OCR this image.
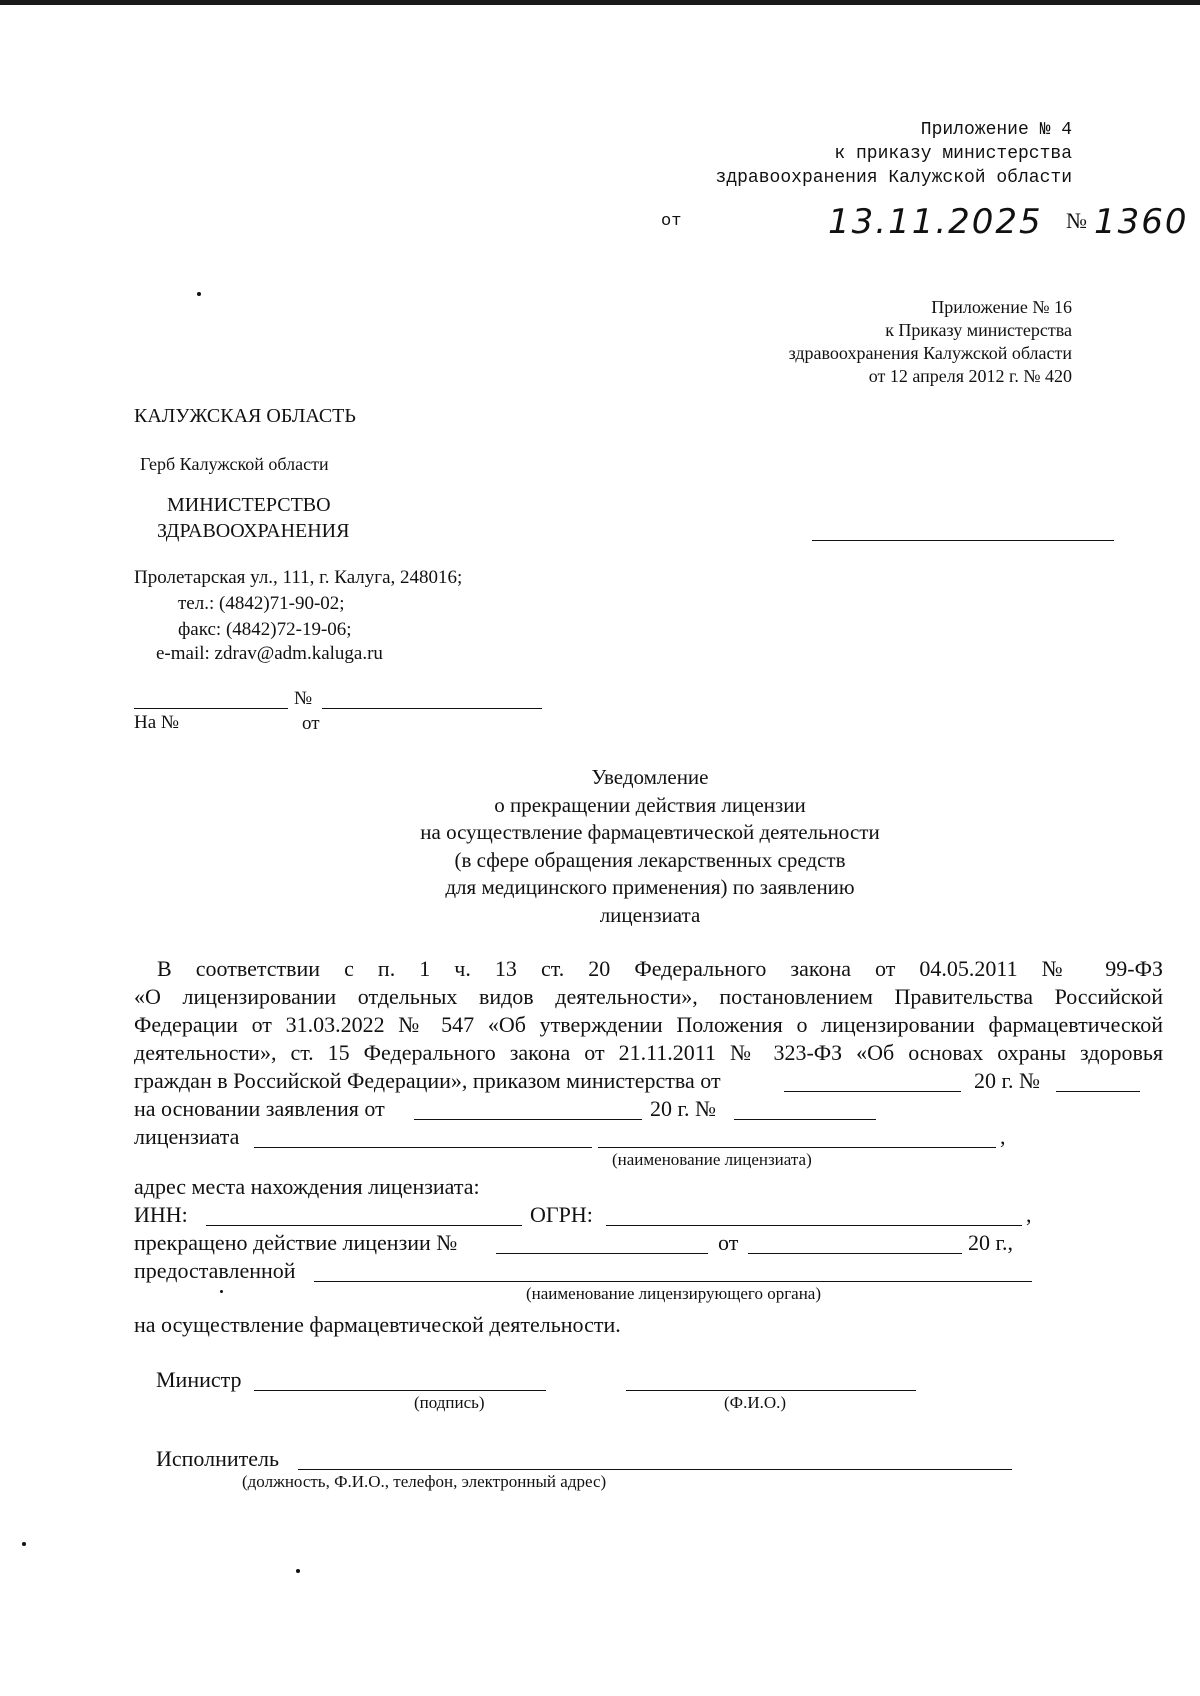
Приложение № 4
к приказу министерства
здравоохранения Калужской области
от	13.11.2025 № 1360
Приложение № 16
к Приказу министерства
здравоохранения Калужской области
от 12 апреля 2012 г. № 420
КАЛУЖСКАЯ ОБЛАСТЬ
Герб Калужской области
МИНИСТЕРСТВО
ЗДРАВООХРАНЕНИЯ
Пролетарская ул., 111, г. Калуга, 248016;
тел.: (4842)71-90-02;
факс: (4842)72-19-06;
e-mail: zdrav@adm.kaluga.ru
№
На №	от
Уведомление
о прекращении действия лицензии
на осуществление фармацевтической деятельности
(в сфере обращения лекарственных средств
для медицинского применения) по заявлению
лицензиата
В соответствии с п. 1 ч. 13 ст. 20 Федерального закона от 04.05.2011 № 99-ФЗ
«О лицензировании отдельных видов деятельности», постановлением Правительства Российской
Федерации от 31.03.2022 № 547 «Об утверждении Положения о лицензировании фармацевтической
деятельности», ст. 15 Федерального закона от 21.11.2011 № 323-ФЗ «Об основах охраны здоровья
граждан в Российской Федерации», приказом министерства от	20 г. №
на основании заявления от	20 г. №
лицензиата	,
(наименование лицензиата)
адрес места нахождения лицензиата:
ИНН:	ОГРН:	,
прекращено действие лицензии №	от	20 г.,
предоставленной
(наименование лицензирующего органа)
на осуществление фармацевтической деятельности.
Министр
(подпись)	(Ф.И.О.)
Исполнитель
(должность, Ф.И.О., телефон, электронный адрес)
